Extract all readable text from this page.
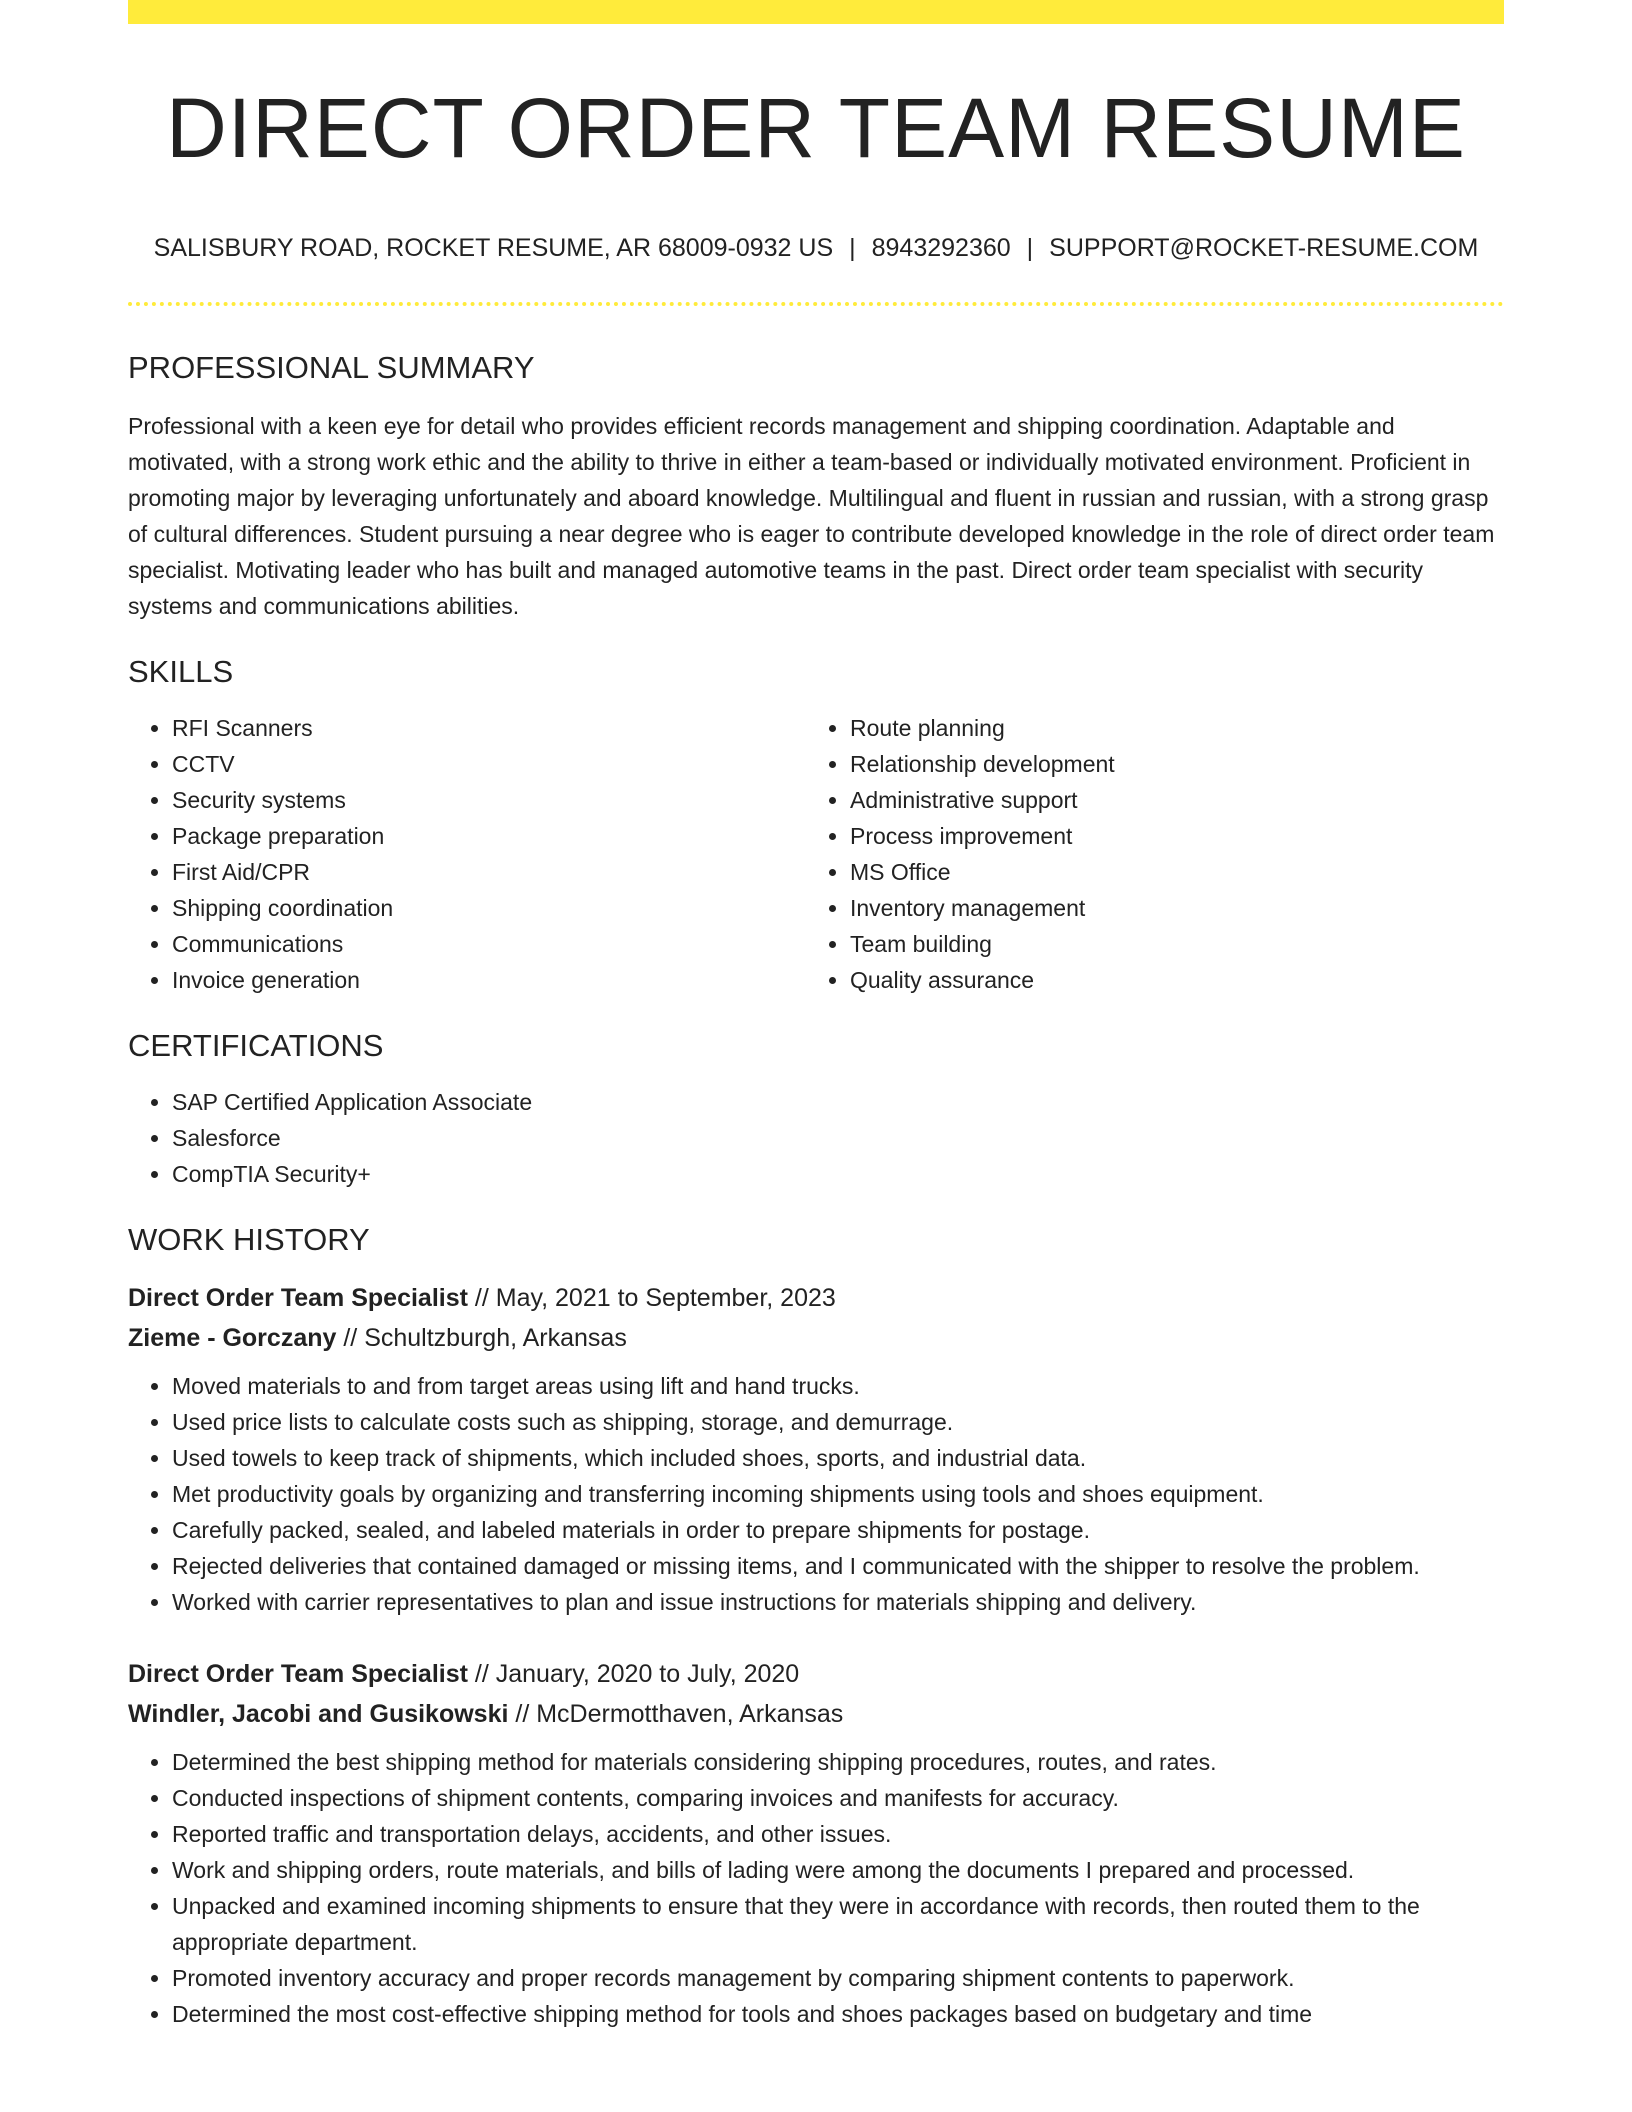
DIRECT ORDER TEAM RESUME
SALISBURY ROAD, ROCKET RESUME, AR 68009-0932 US | 8943292360 | SUPPORT@ROCKET-RESUME.COM
PROFESSIONAL SUMMARY

Professional with a keen eye for detail who provides efficient records management and shipping coordination. Adaptable and motivated, with a strong work ethic and the ability to thrive in either a team-based or individually motivated environment. Proficient in promoting major by leveraging unfortunately and aboard knowledge. Multilingual and fluent in russian and russian, with a strong grasp of cultural differences. Student pursuing a near degree who is eager to contribute developed knowledge in the role of direct order team specialist. Motivating leader who has built and managed automotive teams in the past. Direct order team specialist with security systems and communications abilities.

SKILLS
• RFI Scanners
• CCTV
• Security systems
• Package preparation
• First Aid/CPR
• Shipping coordination
• Communications
• Invoice generation
• Route planning
• Relationship development
• Administrative support
• Process improvement
• MS Office
• Inventory management
• Team building
• Quality assurance
CERTIFICATIONS
• SAP Certified Application Associate
• Salesforce
• CompTIA Security+
WORK HISTORY
Direct Order Team Specialist // May, 2021 to September, 2023
Zieme - Gorczany // Schultzburgh, Arkansas
• Moved materials to and from target areas using lift and hand trucks.
• Used price lists to calculate costs such as shipping, storage, and demurrage.
• Used towels to keep track of shipments, which included shoes, sports, and industrial data.
• Met productivity goals by organizing and transferring incoming shipments using tools and shoes equipment.
• Carefully packed, sealed, and labeled materials in order to prepare shipments for postage.
• Rejected deliveries that contained damaged or missing items, and I communicated with the shipper to resolve the problem.
• Worked with carrier representatives to plan and issue instructions for materials shipping and delivery.
Direct Order Team Specialist // January, 2020 to July, 2020
Windler, Jacobi and Gusikowski // McDermotthaven, Arkansas
• Determined the best shipping method for materials considering shipping procedures, routes, and rates.
• Conducted inspections of shipment contents, comparing invoices and manifests for accuracy.
• Reported traffic and transportation delays, accidents, and other issues.
• Work and shipping orders, route materials, and bills of lading were among the documents I prepared and processed.
• Unpacked and examined incoming shipments to ensure that they were in accordance with records, then routed them to the appropriate department.
• Promoted inventory accuracy and proper records management by comparing shipment contents to paperwork.
• Determined the most cost-effective shipping method for tools and shoes packages based on budgetary and time
